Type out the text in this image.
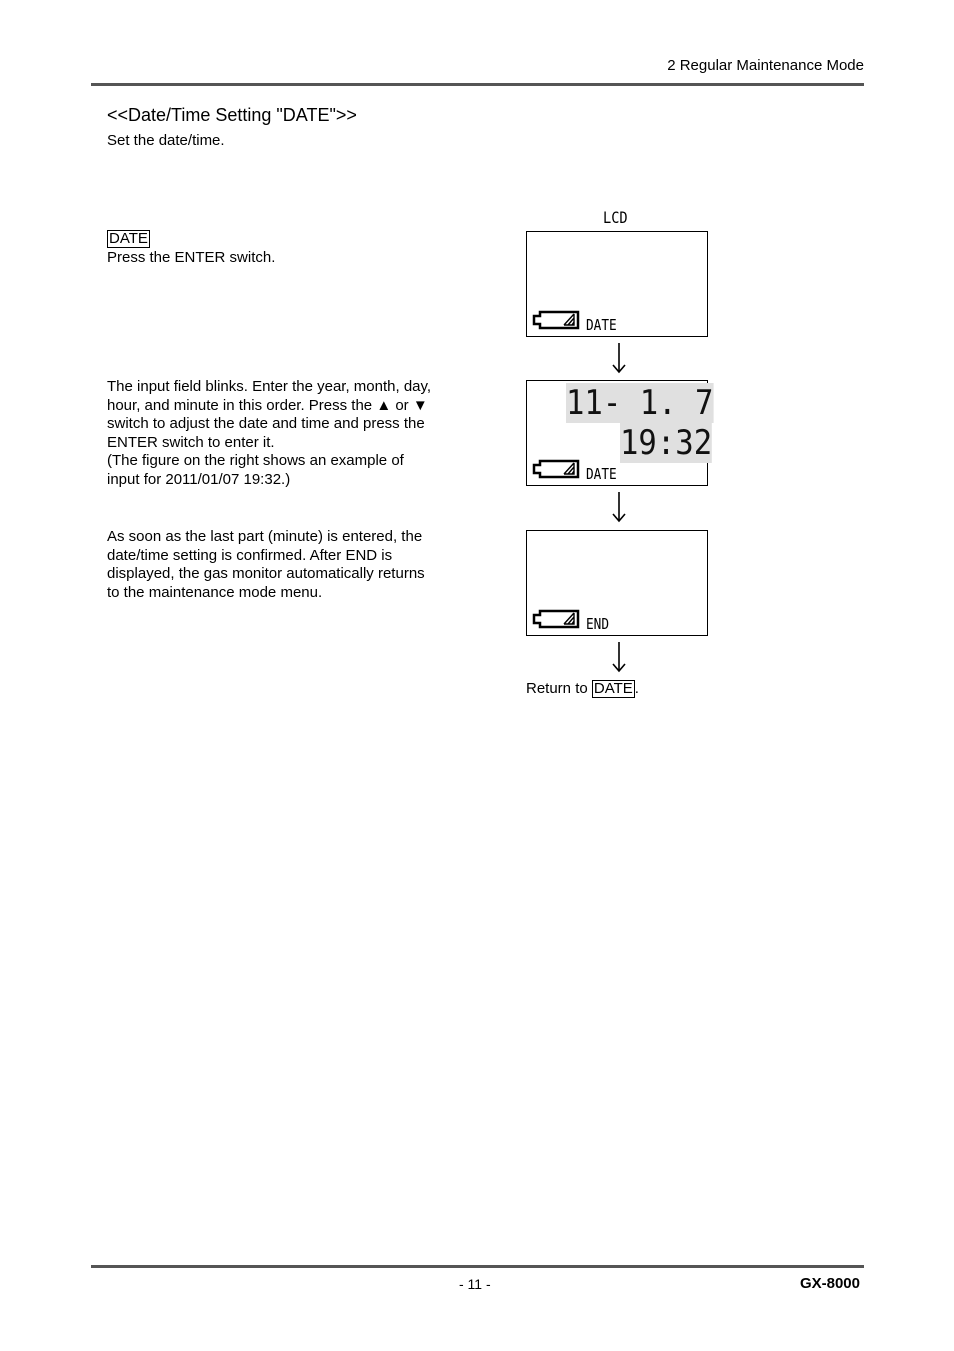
2 Regular Maintenance Mode
<<Date/Time Setting "DATE">>
Set the date/time.
DATE
Press the ENTER switch.
The input field blinks. Enter the year, month, day,
hour, and minute in this order. Press the ▲ or ▼
switch to adjust the date and time and press the
ENTER switch to enter it.
(The figure on the right shows an example of
input for 2011/01/07 19:32.)
As soon as the last part (minute) is entered, the
date/time setting is confirmed. After END is
displayed, the gas monitor automatically returns
to the maintenance mode menu.
LCD
DATE
11- 1. 7
19:32
DATE
END
Return to DATE .
- 11 -	GX-8000
